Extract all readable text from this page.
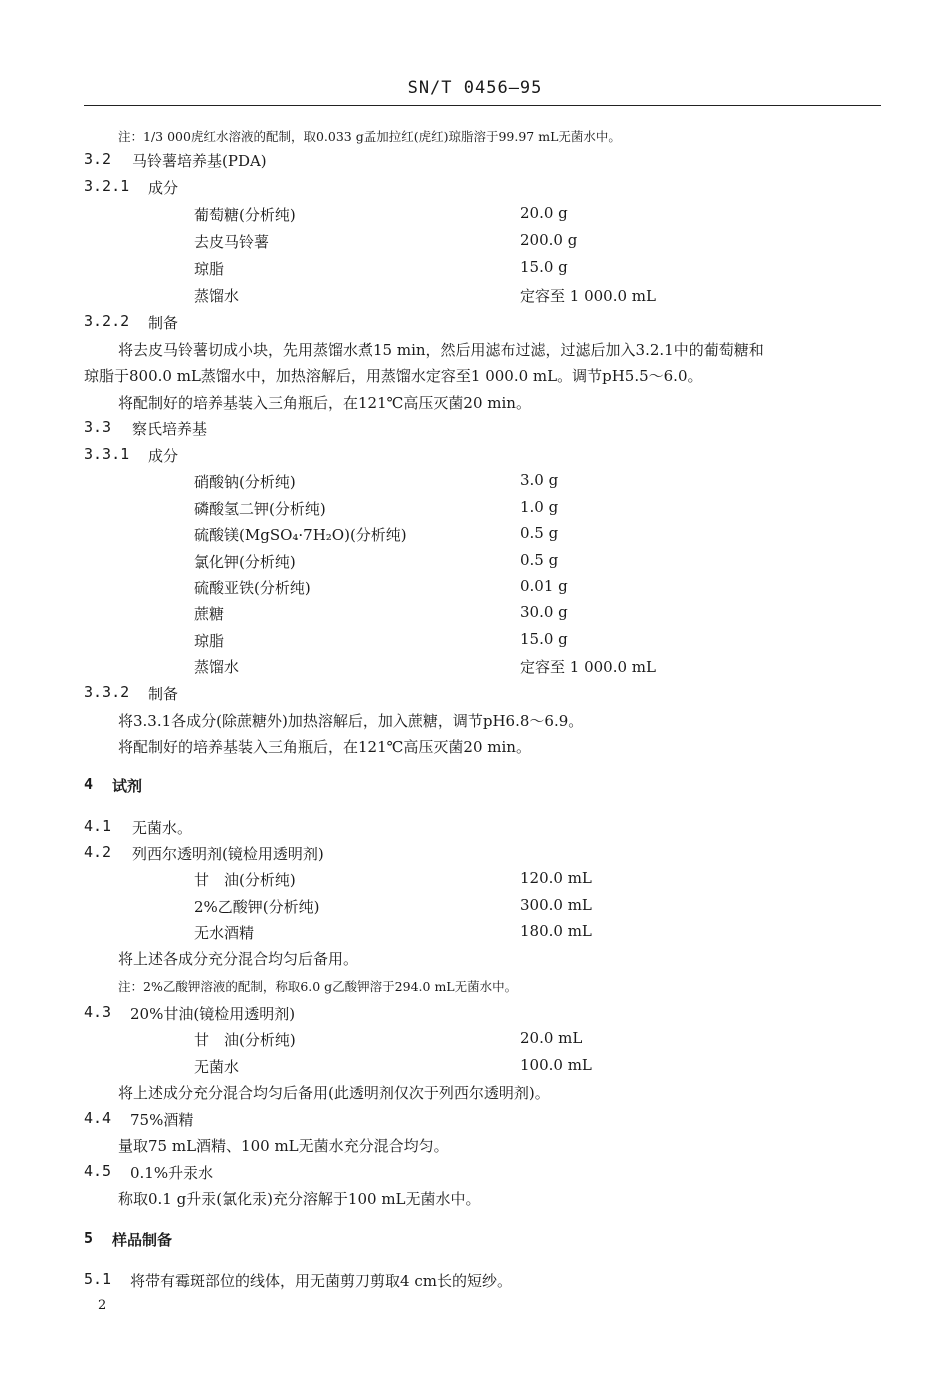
SN/T 0456—95
注：1/3 000虎红水溶液的配制，取0.033 g孟加拉红(虎红)琼脂溶于99.97 mL无菌水中。
3.2 马铃薯培养基(PDA)
3.2.1 成分
葡萄糖(分析纯)	20.0 g
去皮马铃薯	200.0 g
琼脂	15.0 g
蒸馏水	定容至 1 000.0 mL
3.2.2 制备
将去皮马铃薯切成小块，先用蒸馏水煮15 min，然后用滤布过滤，过滤后加入3.2.1中的葡萄糖和
琼脂于800.0 mL蒸馏水中，加热溶解后，用蒸馏水定容至1 000.0 mL。调节pH5.5～6.0。
将配制好的培养基装入三角瓶后，在121℃高压灭菌20 min。
3.3 察氏培养基
3.3.1 成分
硝酸钠(分析纯)	3.0 g
磷酸氢二钾(分析纯)	1.0 g
硫酸镁(MgSO₄·7H₂O)(分析纯)	0.5 g
氯化钾(分析纯)	0.5 g
硫酸亚铁(分析纯)	0.01 g
蔗糖	30.0 g
琼脂	15.0 g
蒸馏水	定容至 1 000.0 mL
3.3.2 制备
将3.3.1各成分(除蔗糖外)加热溶解后，加入蔗糖，调节pH6.8～6.9。
将配制好的培养基装入三角瓶后，在121℃高压灭菌20 min。
4 试剂
4.1 无菌水。
4.2 列西尔透明剂(镜检用透明剂)
甘　油(分析纯)	120.0 mL
2%乙酸钾(分析纯)	300.0 mL
无水酒精	180.0 mL
将上述各成分充分混合均匀后备用。
注：2%乙酸钾溶液的配制，称取6.0 g乙酸钾溶于294.0 mL无菌水中。
4.3 20%甘油(镜检用透明剂)
甘　油(分析纯)	20.0 mL
无菌水	100.0 mL
将上述成分充分混合均匀后备用(此透明剂仅次于列西尔透明剂)。
4.4 75%酒精
量取75 mL酒精、100 mL无菌水充分混合均匀。
4.5 0.1%升汞水
称取0.1 g升汞(氯化汞)充分溶解于100 mL无菌水中。
5 样品制备
5.1 将带有霉斑部位的线体，用无菌剪刀剪取4 cm长的短纱。
2
